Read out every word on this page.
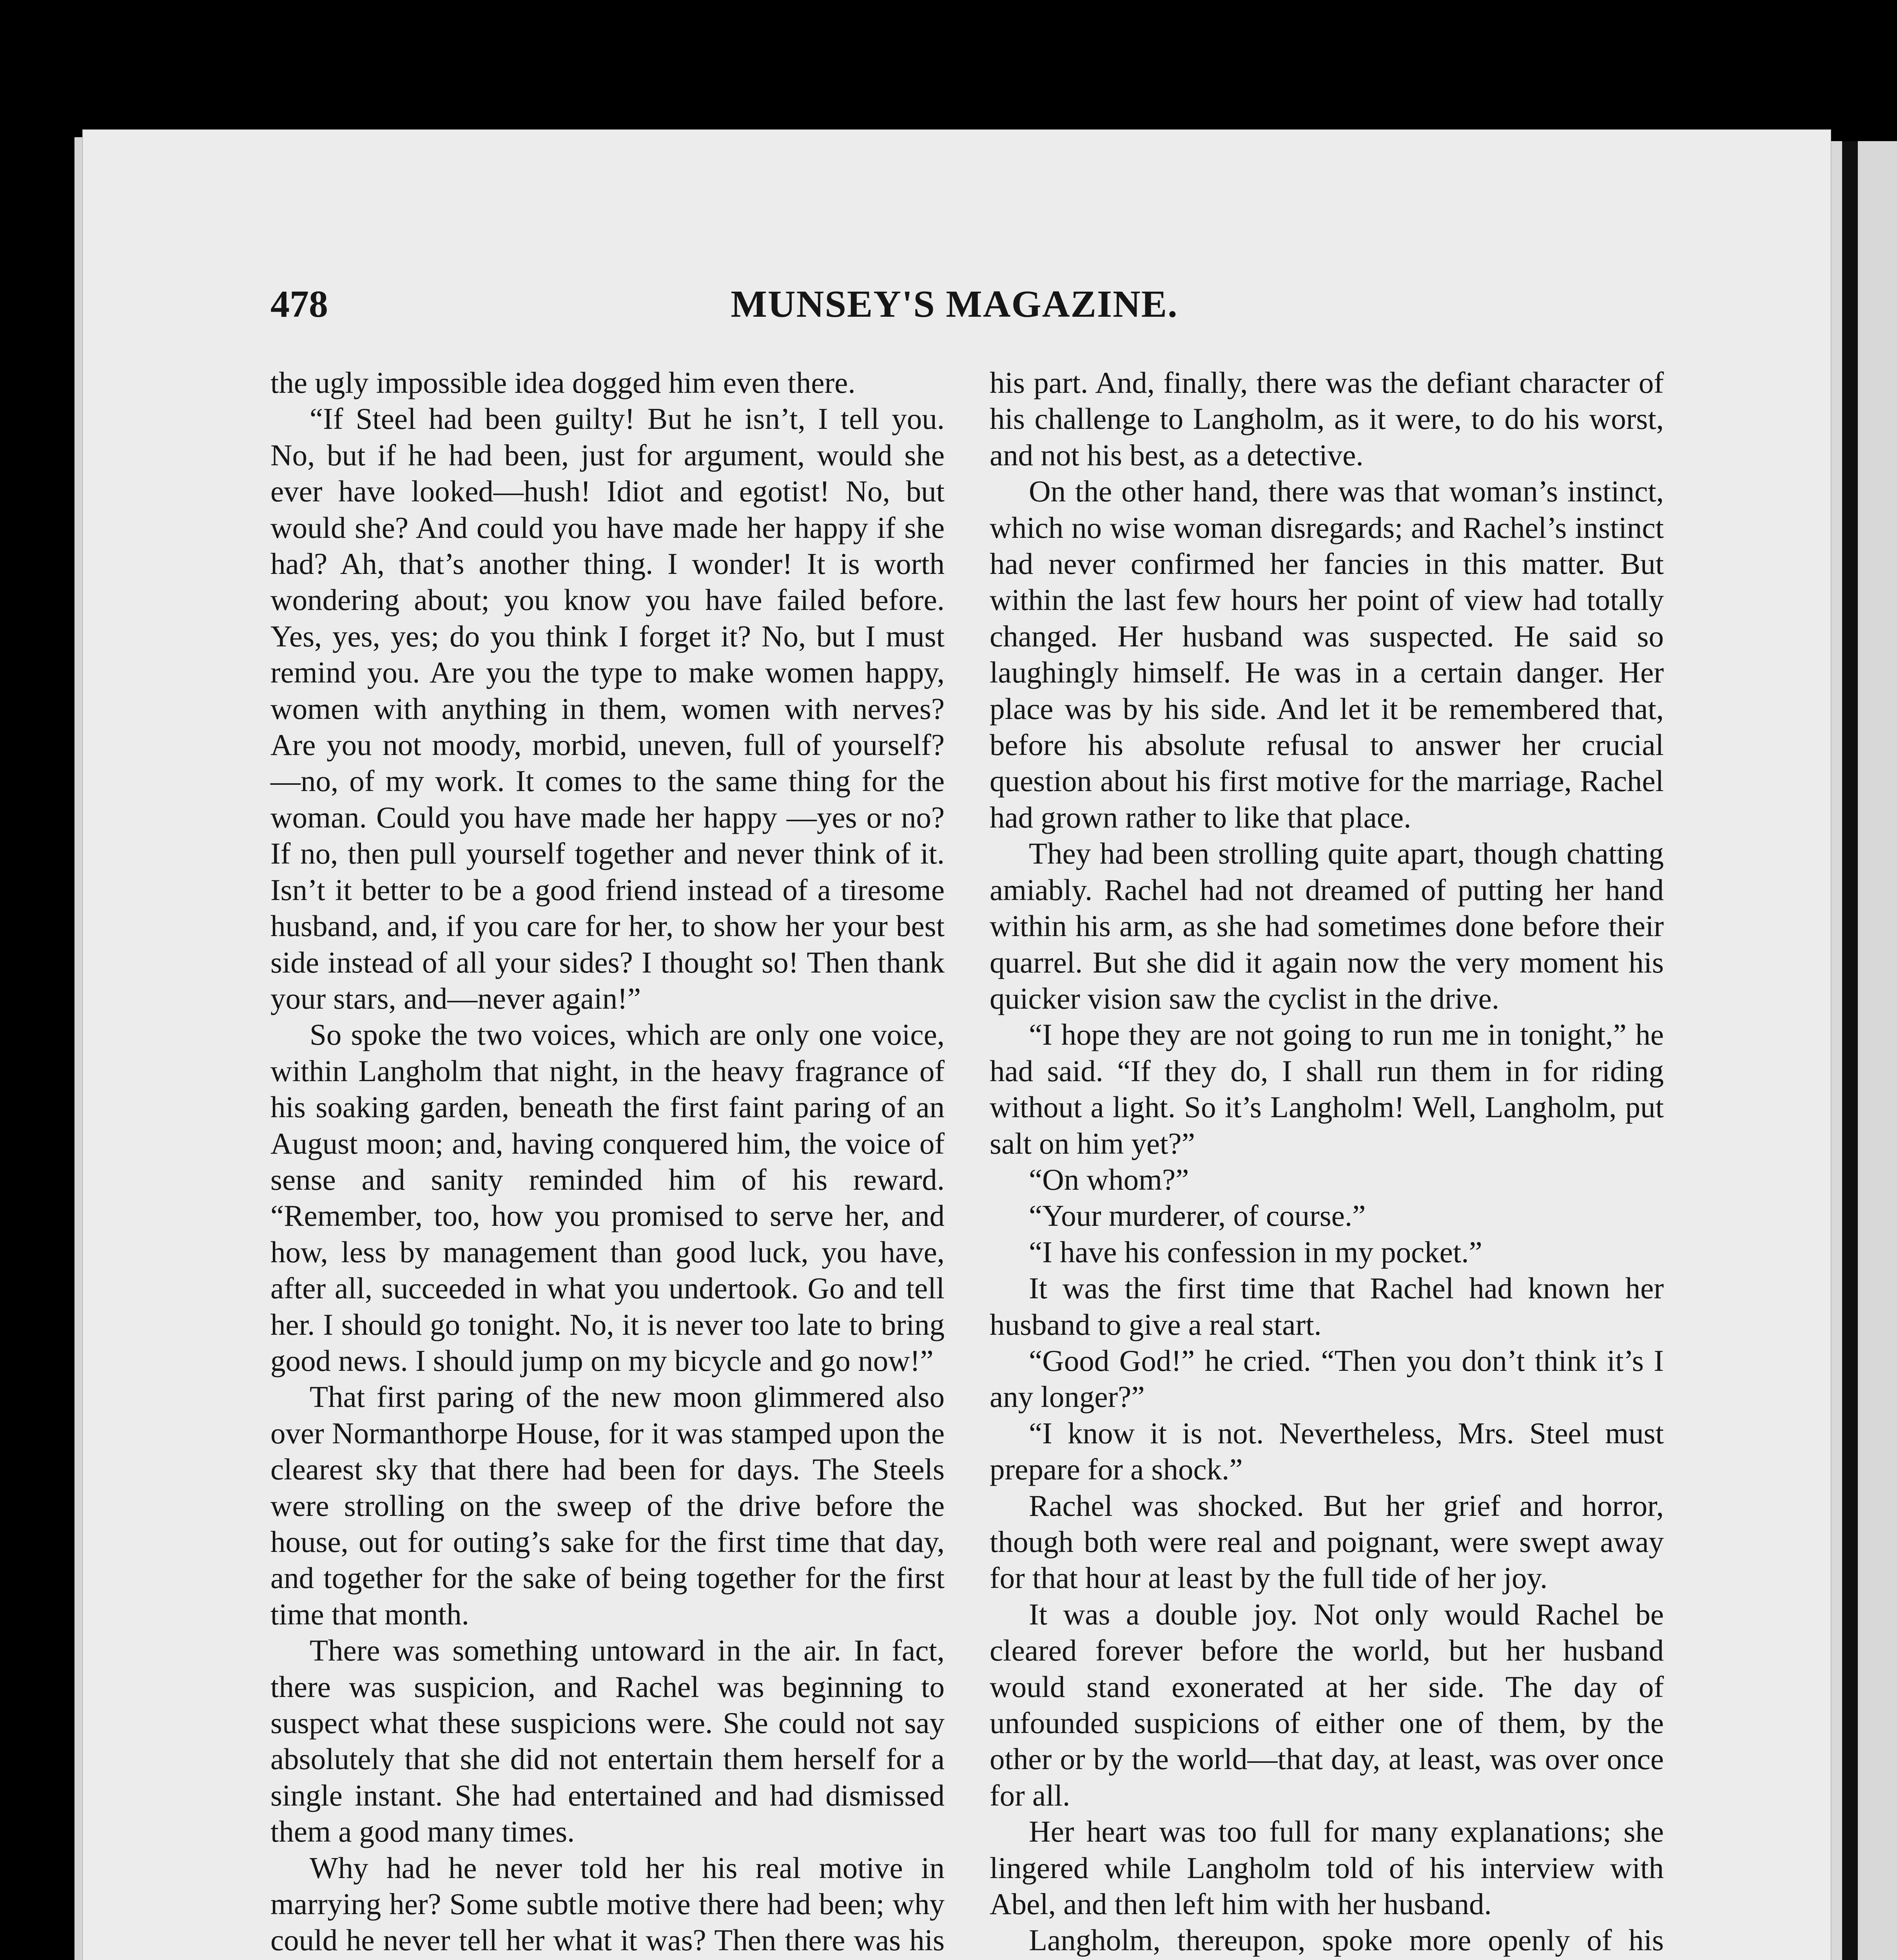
478	MUNSEY'S MAGAZINE.

the ugly impossible idea dogged him even there.

“If Steel had been guilty! But he isn’t, I tell you. No, but if he had been, just for argument, would she ever have looked—hush! Idiot and egotist! No, but would she? And could you have made her happy if she had? Ah, that’s another thing. I wonder! It is worth wondering about; you know you have failed before. Yes, yes, yes; do you think I forget it? No, but I must remind you. Are you the type to make women happy, women with anything in them, women with nerves? Are you not moody, morbid, uneven, full of yourself?—no, of my work. It comes to the same thing for the woman. Could you have made her happy —yes or no? If no, then pull yourself together and never think of it. Isn’t it better to be a good friend instead of a tiresome husband, and, if you care for her, to show her your best side instead of all your sides? I thought so! Then thank your stars, and—never again!”

So spoke the two voices, which are only one voice, within Langholm that night, in the heavy fragrance of his soaking garden, beneath the first faint paring of an August moon; and, having conquered him, the voice of sense and sanity reminded him of his reward. “Remember, too, how you promised to serve her, and how, less by management than good luck, you have, after all, succeeded in what you undertook. Go and tell her. I should go tonight. No, it is never too late to bring good news. I should jump on my bicycle and go now!”

That first paring of the new moon glimmered also over Normanthorpe House, for it was stamped upon the clearest sky that there had been for days. The Steels were strolling on the sweep of the drive before the house, out for outing’s sake for the first time that day, and together for the sake of being together for the first time that month.

There was something untoward in the air. In fact, there was suspicion, and Rachel was beginning to suspect what these suspicions were. She could not say absolutely that she did not entertain them herself for a single instant. She had entertained and had dismissed them a good many times.

Why had he never told her his real motive in marrying her? Some subtle motive there had been; why could he never tell her what it was? Then there was his

his part. And, finally, there was the defiant character of his challenge to Langholm, as it were, to do his worst, and not his best, as a detective.

On the other hand, there was that woman’s instinct, which no wise woman disregards; and Rachel’s instinct had never confirmed her fancies in this matter. But within the last few hours her point of view had totally changed. Her husband was suspected. He said so laughingly himself. He was in a certain danger. Her place was by his side. And let it be remembered that, before his absolute refusal to answer her crucial question about his first motive for the marriage, Rachel had grown rather to like that place.

They had been strolling quite apart, though chatting amiably. Rachel had not dreamed of putting her hand within his arm, as she had sometimes done before their quarrel. But she did it again now the very moment his quicker vision saw the cyclist in the drive.

“I hope they are not going to run me in tonight,” he had said. “If they do, I shall run them in for riding without a light. So it’s Langholm! Well, Langholm, put salt on him yet?”

“On whom?”

“Your murderer, of course.”

“I have his confession in my pocket.”

It was the first time that Rachel had known her husband to give a real start.

“Good God!” he cried. “Then you don’t think it’s I any longer?”

“I know it is not. Nevertheless, Mrs. Steel must prepare for a shock.”

Rachel was shocked. But her grief and horror, though both were real and poignant, were swept away for that hour at least by the full tide of her joy.

It was a double joy. Not only would Rachel be cleared forever before the world, but her husband would stand exonerated at her side. The day of unfounded suspicions of either one of them, by the other or by the world—that day, at least, was over once for all.

Her heart was too full for many explanations; she lingered while Langholm told of his interview with Abel, and then left him with her husband.

Langholm, thereupon, spoke more openly of his
